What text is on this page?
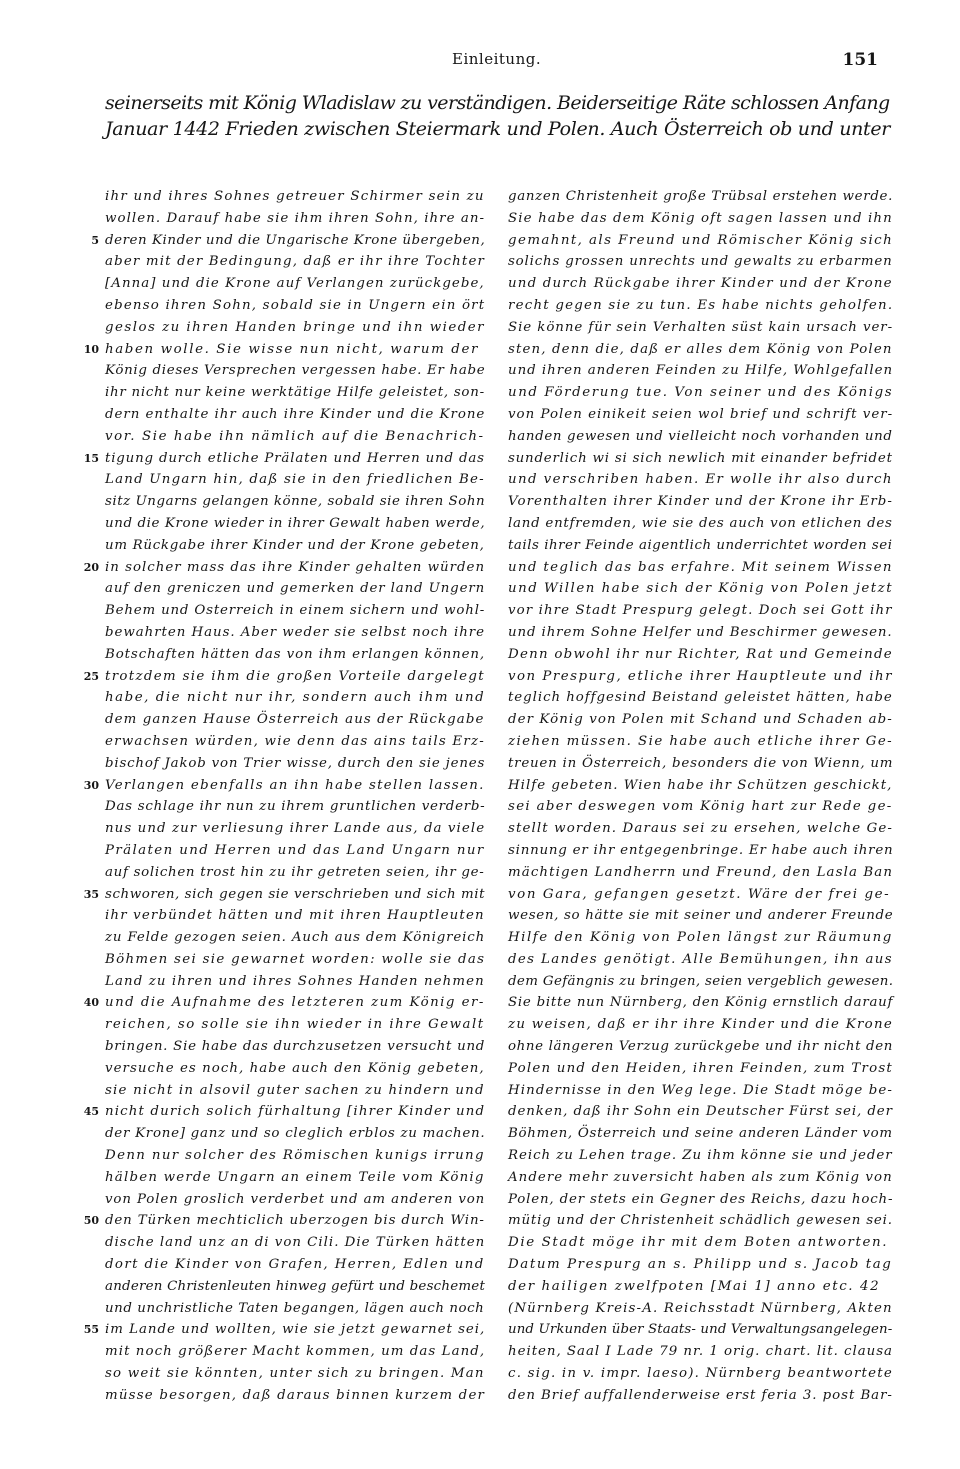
Einleitung.	151
seinerseits mit König Wladislaw zu verständigen. Beiderseitige Räte schlossen Anfang
Januar 1442 Frieden zwischen Steiermark und Polen. Auch Österreich ob und unter
ihr und ihres Sohnes getreuer Schirmer sein zu
wollen. Darauf habe sie ihm ihren Sohn, ihre an-
5 deren Kinder und die Ungarische Krone übergeben,
aber mit der Bedingung, daß er ihr ihre Tochter
[Anna] und die Krone auf Verlangen zurückgebe,
ebenso ihren Sohn, sobald sie in Ungern ein ört
geslos zu ihren Handen bringe und ihn wieder
10 haben wolle. Sie wisse nun nicht, warum der
König dieses Versprechen vergessen habe. Er habe
ihr nicht nur keine werktätige Hilfe geleistet, son-
dern enthalte ihr auch ihre Kinder und die Krone
vor. Sie habe ihn nämlich auf die Benachrich-
15 tigung durch etliche Prälaten und Herren und das
Land Ungarn hin, daß sie in den friedlichen Be-
sitz Ungarns gelangen könne, sobald sie ihren Sohn
und die Krone wieder in ihrer Gewalt haben werde,
um Rückgabe ihrer Kinder und der Krone gebeten,
20 in solcher mass das ihre Kinder gehalten würden
auf den greniczen und gemerken der land Ungern
Behem und Osterreich in einem sichern und wohl-
bewahrten Haus. Aber weder sie selbst noch ihre
Botschaften hätten das von ihm erlangen können,
25 trotzdem sie ihm die großen Vorteile dargelegt
habe, die nicht nur ihr, sondern auch ihm und
dem ganzen Hause Österreich aus der Rückgabe
erwachsen würden, wie denn das ains tails Erz-
bischof Jakob von Trier wisse, durch den sie jenes
30 Verlangen ebenfalls an ihn habe stellen lassen.
Das schlage ihr nun zu ihrem gruntlichen verderb-
nus und zur verliesung ihrer Lande aus, da viele
Prälaten und Herren und das Land Ungarn nur
auf solichen trost hin zu ihr getreten seien, ihr ge-
35 schworen, sich gegen sie verschrieben und sich mit
ihr verbündet hätten und mit ihren Hauptleuten
zu Felde gezogen seien. Auch aus dem Königreich
Böhmen sei sie gewarnet worden: wolle sie das
Land zu ihren und ihres Sohnes Handen nehmen
40 und die Aufnahme des letzteren zum König er-
reichen, so solle sie ihn wieder in ihre Gewalt
bringen. Sie habe das durchzusetzen versucht und
versuche es noch, habe auch den König gebeten,
sie nicht in alsovil guter sachen zu hindern und
45 nicht durich solich fürhaltung [ihrer Kinder und
der Krone] ganz und so cleglich erblos zu machen.
Denn nur solcher des Römischen kunigs irrung
hälben werde Ungarn an einem Teile vom König
von Polen groslich verderbet und am anderen von
50 den Türken mechticlich uberzogen bis durch Win-
dische land unz an di von Cili. Die Türken hätten
dort die Kinder von Grafen, Herren, Edlen und
anderen Christenleuten hinweg gefürt und beschemet
und unchristliche Taten begangen, lägen auch noch
55 im Lande und wollten, wie sie jetzt gewarnet sei,
mit noch größerer Macht kommen, um das Land,
so weit sie könnten, unter sich zu bringen. Man
müsse besorgen, daß daraus binnen kurzem der
ganzen Christenheit große Trübsal erstehen werde.
Sie habe das dem König oft sagen lassen und ihn
gemahnt, als Freund und Römischer König sich
solichs grossen unrechts und gewalts zu erbarmen
und durch Rückgabe ihrer Kinder und der Krone
recht gegen sie zu tun. Es habe nichts geholfen.
Sie könne für sein Verhalten süst kain ursach ver-
sten, denn die, daß er alles dem König von Polen
und ihren anderen Feinden zu Hilfe, Wohlgefallen
und Förderung tue. Von seiner und des Königs
von Polen einikeit seien wol brief und schrift ver-
handen gewesen und vielleicht noch vorhanden und
sunderlich wi si sich newlich mit einander befridet
und verschriben haben. Er wolle ihr also durch
Vorenthalten ihrer Kinder und der Krone ihr Erb-
land entfremden, wie sie des auch von etlichen des
tails ihrer Feinde aigentlich underrichtet worden sei
und teglich das bas erfahre. Mit seinem Wissen
und Willen habe sich der König von Polen jetzt
vor ihre Stadt Prespurg gelegt. Doch sei Gott ihr
und ihrem Sohne Helfer und Beschirmer gewesen.
Denn obwohl ihr nur Richter, Rat und Gemeinde
von Prespurg, etliche ihrer Hauptleute und ihr
teglich hoffgesind Beistand geleistet hätten, habe
der König von Polen mit Schand und Schaden ab-
ziehen müssen. Sie habe auch etliche ihrer Ge-
treuen in Österreich, besonders die von Wienn, um
Hilfe gebeten. Wien habe ihr Schützen geschickt,
sei aber deswegen vom König hart zur Rede ge-
stellt worden. Daraus sei zu ersehen, welche Ge-
sinnung er ihr entgegenbringe. Er habe auch ihren
mächtigen Landherrn und Freund, den Lasla Ban
von Gara, gefangen gesetzt. Wäre der frei ge-
wesen, so hätte sie mit seiner und anderer Freunde
Hilfe den König von Polen längst zur Räumung
des Landes genötigt. Alle Bemühungen, ihn aus
dem Gefängnis zu bringen, seien vergeblich gewesen.
Sie bitte nun Nürnberg, den König ernstlich darauf
zu weisen, daß er ihr ihre Kinder und die Krone
ohne längeren Verzug zurückgebe und ihr nicht den
Polen und den Heiden, ihren Feinden, zum Trost
Hindernisse in den Weg lege. Die Stadt möge be-
denken, daß ihr Sohn ein Deutscher Fürst sei, der
Böhmen, Österreich und seine anderen Länder vom
Reich zu Lehen trage. Zu ihm könne sie und jeder
Andere mehr zuversicht haben als zum König von
Polen, der stets ein Gegner des Reichs, dazu hoch-
mütig und der Christenheit schädlich gewesen sei.
Die Stadt möge ihr mit dem Boten antworten.
Datum Prespurg an s. Philipp und s. Jacob tag
der hailigen zwelfpoten [Mai 1] anno etc. 42
(Nürnberg Kreis-A. Reichsstadt Nürnberg, Akten
und Urkunden über Staats- und Verwaltungsangelegen-
heiten, Saal I Lade 79 nr. 1 orig. chart. lit. clausa
c. sig. in v. impr. laeso). Nürnberg beantwortete
den Brief auffallenderweise erst feria 3. post Bar-
